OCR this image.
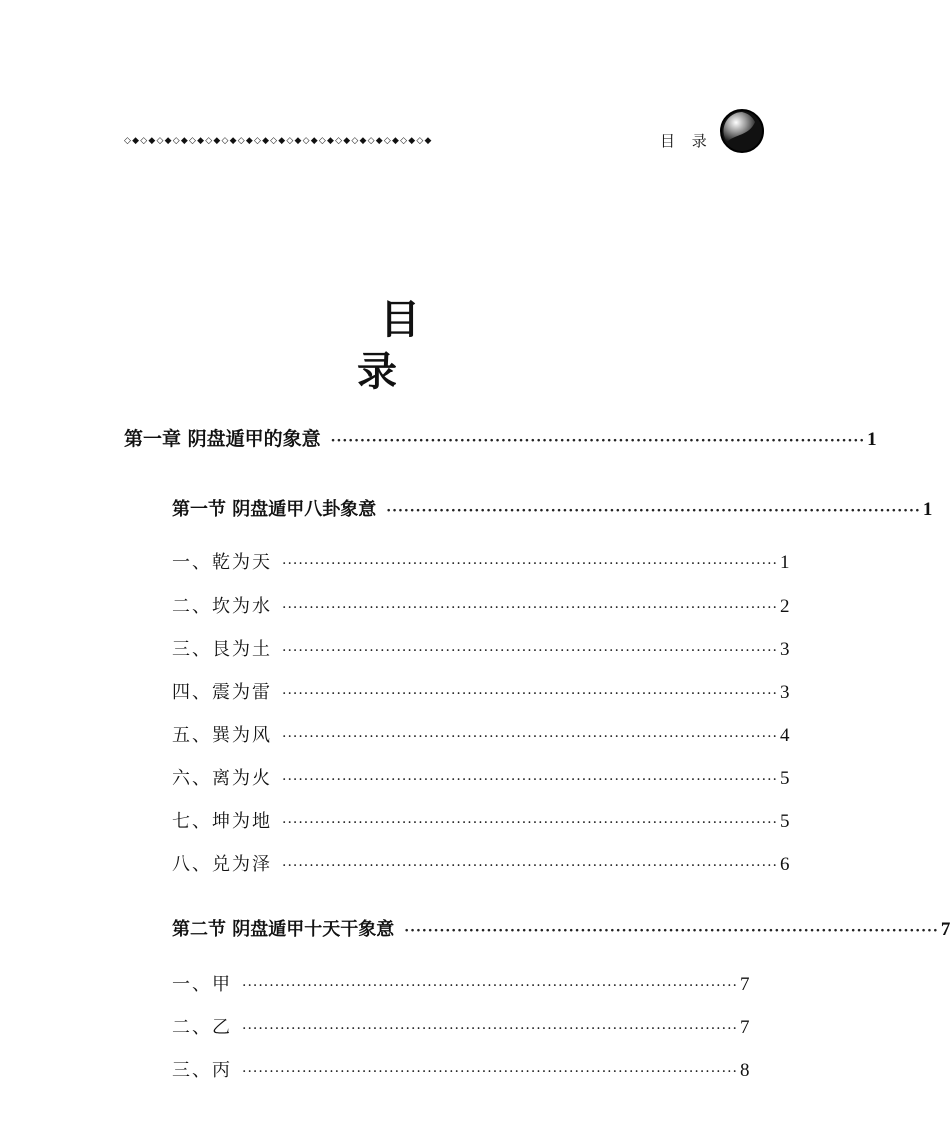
◇◆◇◆◇◆◇◆◇◆◇◆◇◆◇◆◇◆◇◆◇◆◇◆◇◆◇◆◇◆◇◆◇◆◇◆◇◆	目 录
目 录
第一章 阴盘遁甲的象意 ··························································································· 1
第一节 阴盘遁甲八卦象意 ··························································································· 1
一、乾为天 ··························································································· 1
二、坎为水 ··························································································· 2
三、艮为土 ··························································································· 3
四、震为雷 ··························································································· 3
五、巽为风 ··························································································· 4
六、离为火 ··························································································· 5
七、坤为地 ··························································································· 5
八、兑为泽 ··························································································· 6
第二节 阴盘遁甲十天干象意 ··························································································· 7
一、甲 ··························································································· 7
二、乙 ··························································································· 7
三、丙 ··························································································· 8
